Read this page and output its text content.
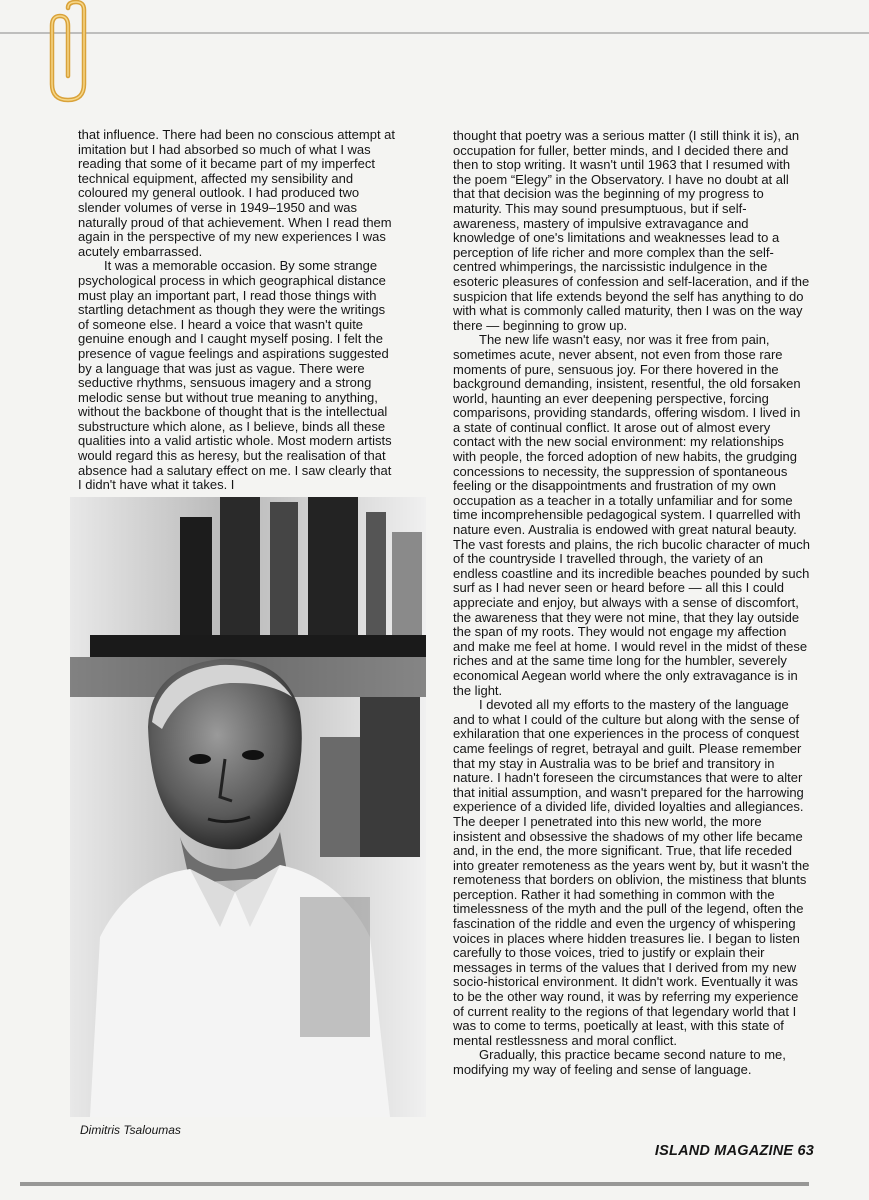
that influence. There had been no conscious attempt at imitation but I had absorbed so much of what I was reading that some of it became part of my imperfect technical equipment, affected my sensibility and coloured my general outlook. I had produced two slender volumes of verse in 1949–1950 and was naturally proud of that achievement. When I read them again in the perspective of my new experiences I was acutely embarrassed.

It was a memorable occasion. By some strange psychological process in which geographical distance must play an important part, I read those things with startling detachment as though they were the writings of someone else. I heard a voice that wasn't quite genuine enough and I caught myself posing. I felt the presence of vague feelings and aspirations suggested by a language that was just as vague. There were seductive rhythms, sensuous imagery and a strong melodic sense but without true meaning to anything, without the backbone of thought that is the intellectual substructure which alone, as I believe, binds all these qualities into a valid artistic whole. Most modern artists would regard this as heresy, but the realisation of that absence had a salutary effect on me. I saw clearly that I didn't have what it takes. I

thought that poetry was a serious matter (I still think it is), an occupation for fuller, better minds, and I decided there and then to stop writing. It wasn't until 1963 that I resumed with the poem “Elegy” in the Observatory. I have no doubt at all that that decision was the beginning of my progress to maturity. This may sound presumptuous, but if self-awareness, mastery of impulsive extravagance and knowledge of one's limitations and weaknesses lead to a perception of life richer and more complex than the self-centred whimperings, the narcissistic indulgence in the esoteric pleasures of confession and self-laceration, and if the suspicion that life extends beyond the self has anything to do with what is commonly called maturity, then I was on the way there — beginning to grow up.

The new life wasn't easy, nor was it free from pain, sometimes acute, never absent, not even from those rare moments of pure, sensuous joy. For there hovered in the background demanding, insistent, resentful, the old forsaken world, haunting an ever deepening perspective, forcing comparisons, providing standards, offering wisdom. I lived in a state of continual conflict. It arose out of almost every contact with the new social environment: my relationships with people, the forced adoption of new habits, the grudging concessions to necessity, the suppression of spontaneous feeling or the disappointments and frustration of my own occupation as a teacher in a totally unfamiliar and for some time incomprehensible pedagogical system. I quarrelled with nature even. Australia is endowed with great natural beauty. The vast forests and plains, the rich bucolic character of much of the countryside I travelled through, the variety of an endless coastline and its incredible beaches pounded by such surf as I had never seen or heard before — all this I could appreciate and enjoy, but always with a sense of discomfort, the awareness that they were not mine, that they lay outside the span of my roots. They would not engage my affection and make me feel at home. I would revel in the midst of these riches and at the same time long for the humbler, severely economical Aegean world where the only extravagance is in the light.

I devoted all my efforts to the mastery of the language and to what I could of the culture but along with the sense of exhilaration that one experiences in the process of conquest came feelings of regret, betrayal and guilt. Please remember that my stay in Australia was to be brief and transitory in nature. I hadn't foreseen the circumstances that were to alter that initial assumption, and wasn't prepared for the harrowing experience of a divided life, divided loyalties and allegiances. The deeper I penetrated into this new world, the more insistent and obsessive the shadows of my other life became and, in the end, the more significant. True, that life receded into greater remoteness as the years went by, but it wasn't the remoteness that borders on oblivion, the mistiness that blunts perception. Rather it had something in common with the timelessness of the myth and the pull of the legend, often the fascination of the riddle and even the urgency of whispering voices in places where hidden treasures lie. I began to listen carefully to those voices, tried to justify or explain their messages in terms of the values that I derived from my new socio-historical environment. It didn't work. Eventually it was to be the other way round, it was by referring my experience of current reality to the regions of that legendary world that I was to come to terms, poetically at least, with this state of mental restlessness and moral conflict.

Gradually, this practice became second nature to me, modifying my way of feeling and sense of language.

Dimitris Tsaloumas
ISLAND MAGAZINE 63
